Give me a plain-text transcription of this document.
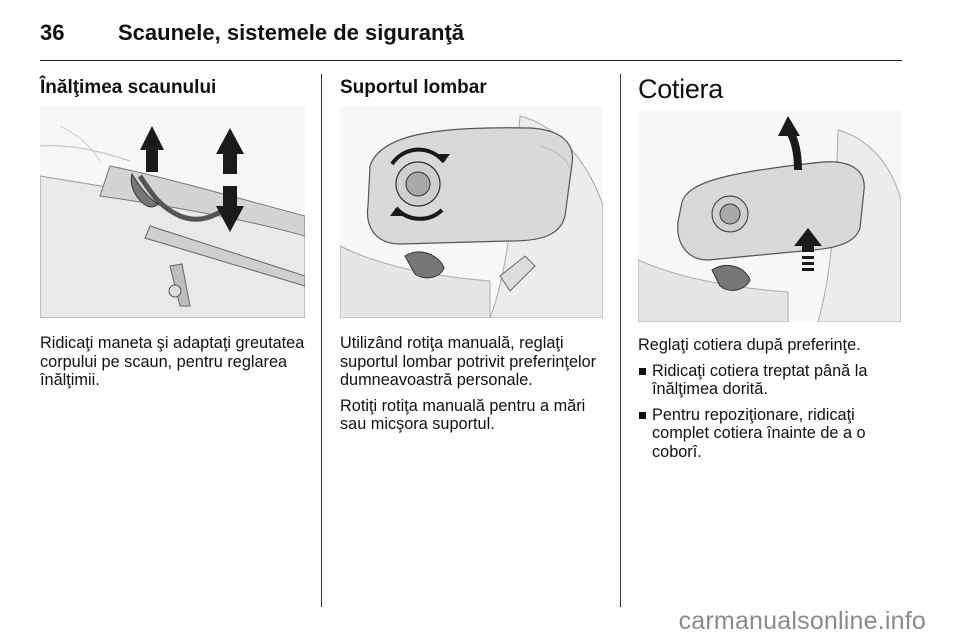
36 Scaunele, sistemele de siguranţă
Înălţimea scaunului

Ridicaţi maneta şi adaptaţi greutatea corpului pe scaun, pentru reglarea înălţimii.

Suportul lombar

Utilizând rotiţa manuală, reglaţi suportul lombar potrivit preferinţelor dumneavoastră personale.

Rotiţi rotiţa manuală pentru a mări sau micşora suportul.

Cotiera

Reglaţi cotiera după preferinţe.

Ridicaţi cotiera treptat până la înălţimea dorită.
Pentru repoziţionare, ridicaţi complet cotiera înainte de a o coborî.
carmanualsonline.info
